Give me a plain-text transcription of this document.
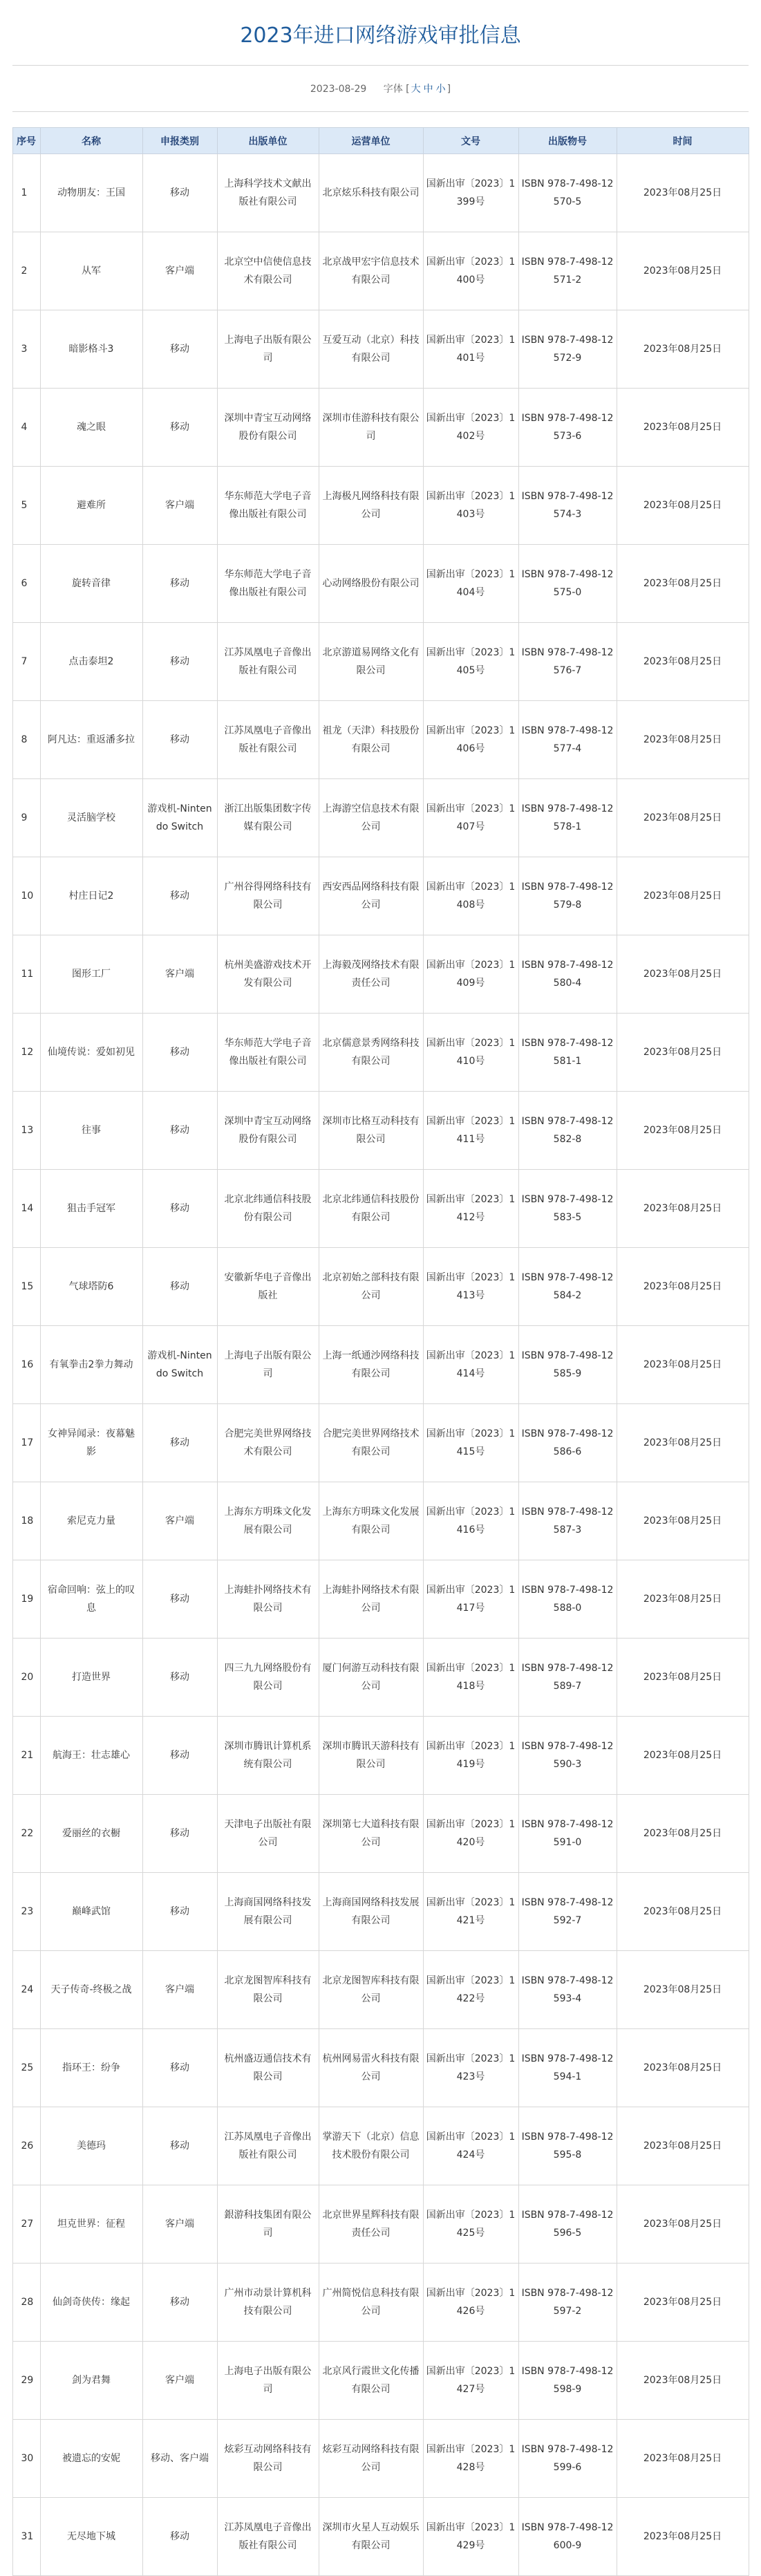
2023年进口网络游戏审批信息
2023-08-29 字体 [ 大 中 小 ]
序号	名称	申报类别	出版单位	运营单位	文号	出版物号	时间
1	动物朋友：王国	移动	上海科学技术文献出版社有限公司	北京炫乐科技有限公司	国新出审〔2023〕1399号	ISBN 978-7-498-12570-5	2023年08月25日
2	从军	客户端	北京空中信使信息技术有限公司	北京战甲宏宇信息技术有限公司	国新出审〔2023〕1400号	ISBN 978-7-498-12571-2	2023年08月25日
3	暗影格斗3	移动	上海电子出版有限公司	互爱互动（北京）科技有限公司	国新出审〔2023〕1401号	ISBN 978-7-498-12572-9	2023年08月25日
4	魂之眼	移动	深圳中青宝互动网络股份有限公司	深圳市佳游科技有限公司	国新出审〔2023〕1402号	ISBN 978-7-498-12573-6	2023年08月25日
5	避难所	客户端	华东师范大学电子音像出版社有限公司	上海极凡网络科技有限公司	国新出审〔2023〕1403号	ISBN 978-7-498-12574-3	2023年08月25日
6	旋转音律	移动	华东师范大学电子音像出版社有限公司	心动网络股份有限公司	国新出审〔2023〕1404号	ISBN 978-7-498-12575-0	2023年08月25日
7	点击泰坦2	移动	江苏凤凰电子音像出版社有限公司	北京游道易网络文化有限公司	国新出审〔2023〕1405号	ISBN 978-7-498-12576-7	2023年08月25日
8	阿凡达：重返潘多拉	移动	江苏凤凰电子音像出版社有限公司	祖龙（天津）科技股份有限公司	国新出审〔2023〕1406号	ISBN 978-7-498-12577-4	2023年08月25日
9	灵活脑学校	游戏机-Nintendo Switch	浙江出版集团数字传媒有限公司	上海游空信息技术有限公司	国新出审〔2023〕1407号	ISBN 978-7-498-12578-1	2023年08月25日
10	村庄日记2	移动	广州谷得网络科技有限公司	西安西品网络科技有限公司	国新出审〔2023〕1408号	ISBN 978-7-498-12579-8	2023年08月25日
11	图形工厂	客户端	杭州美盛游戏技术开发有限公司	上海毅茂网络技术有限责任公司	国新出审〔2023〕1409号	ISBN 978-7-498-12580-4	2023年08月25日
12	仙境传说：爱如初见	移动	华东师范大学电子音像出版社有限公司	北京儒意景秀网络科技有限公司	国新出审〔2023〕1410号	ISBN 978-7-498-12581-1	2023年08月25日
13	往事	移动	深圳中青宝互动网络股份有限公司	深圳市比格互动科技有限公司	国新出审〔2023〕1411号	ISBN 978-7-498-12582-8	2023年08月25日
14	狙击手冠军	移动	北京北纬通信科技股份有限公司	北京北纬通信科技股份有限公司	国新出审〔2023〕1412号	ISBN 978-7-498-12583-5	2023年08月25日
15	气球塔防6	移动	安徽新华电子音像出版社	北京初始之部科技有限公司	国新出审〔2023〕1413号	ISBN 978-7-498-12584-2	2023年08月25日
16	有氧拳击2拳力舞动	游戏机-Nintendo Switch	上海电子出版有限公司	上海一纸通沙网络科技有限公司	国新出审〔2023〕1414号	ISBN 978-7-498-12585-9	2023年08月25日
17	女神异闻录：夜幕魅影	移动	合肥完美世界网络技术有限公司	合肥完美世界网络技术有限公司	国新出审〔2023〕1415号	ISBN 978-7-498-12586-6	2023年08月25日
18	索尼克力量	客户端	上海东方明珠文化发展有限公司	上海东方明珠文化发展有限公司	国新出审〔2023〕1416号	ISBN 978-7-498-12587-3	2023年08月25日
19	宿命回响：弦上的叹息	移动	上海蛙扑网络技术有限公司	上海蛙扑网络技术有限公司	国新出审〔2023〕1417号	ISBN 978-7-498-12588-0	2023年08月25日
20	打造世界	移动	四三九九网络股份有限公司	厦门何游互动科技有限公司	国新出审〔2023〕1418号	ISBN 978-7-498-12589-7	2023年08月25日
21	航海王：壮志雄心	移动	深圳市腾讯计算机系统有限公司	深圳市腾讯天游科技有限公司	国新出审〔2023〕1419号	ISBN 978-7-498-12590-3	2023年08月25日
22	爱丽丝的衣橱	移动	天津电子出版社有限公司	深圳第七大道科技有限公司	国新出审〔2023〕1420号	ISBN 978-7-498-12591-0	2023年08月25日
23	巅峰武馆	移动	上海商国网络科技发展有限公司	上海商国网络科技发展有限公司	国新出审〔2023〕1421号	ISBN 978-7-498-12592-7	2023年08月25日
24	天子传奇-终极之战	客户端	北京龙图智库科技有限公司	北京龙图智库科技有限公司	国新出审〔2023〕1422号	ISBN 978-7-498-12593-4	2023年08月25日
25	指环王：纷争	移动	杭州盛迈通信技术有限公司	杭州网易雷火科技有限公司	国新出审〔2023〕1423号	ISBN 978-7-498-12594-1	2023年08月25日
26	美德玛	移动	江苏凤凰电子音像出版社有限公司	掌游天下（北京）信息技术股份有限公司	国新出审〔2023〕1424号	ISBN 978-7-498-12595-8	2023年08月25日
27	坦克世界：征程	客户端	銀游科技集团有限公司	北京世界星辉科技有限责任公司	国新出审〔2023〕1425号	ISBN 978-7-498-12596-5	2023年08月25日
28	仙剑奇侠传：缘起	移动	广州市动景计算机科技有限公司	广州简悦信息科技有限公司	国新出审〔2023〕1426号	ISBN 978-7-498-12597-2	2023年08月25日
29	剑为君舞	客户端	上海电子出版有限公司	北京风行霞世文化传播有限公司	国新出审〔2023〕1427号	ISBN 978-7-498-12598-9	2023年08月25日
30	被遗忘的安妮	移动、客户端	炫彩互动网络科技有限公司	炫彩互动网络科技有限公司	国新出审〔2023〕1428号	ISBN 978-7-498-12599-6	2023年08月25日
31	无尽地下城	移动	江苏凤凰电子音像出版社有限公司	深圳市火星人互动娱乐有限公司	国新出审〔2023〕1429号	ISBN 978-7-498-12600-9	2023年08月25日
